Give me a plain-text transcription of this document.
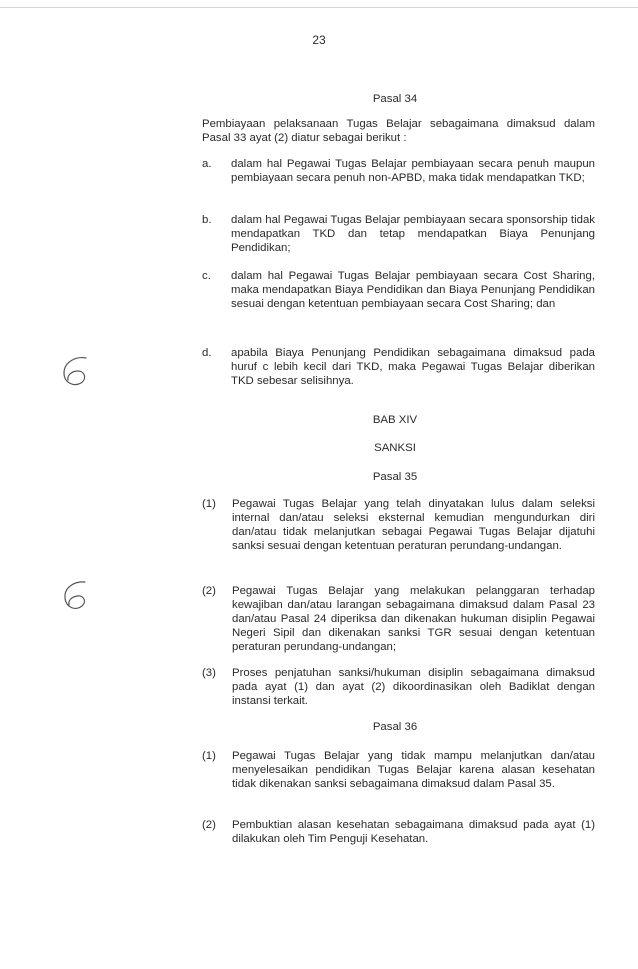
23
Pasal 34
Pembiayaan pelaksanaan Tugas Belajar sebagaimana dimaksud dalam Pasal 33 ayat (2) diatur sebagai berikut :
a. dalam hal Pegawai Tugas Belajar pembiayaan secara penuh maupun pembiayaan secara penuh non-APBD, maka tidak mendapatkan TKD;
b. dalam hal Pegawai Tugas Belajar pembiayaan secara sponsorship tidak mendapatkan TKD dan tetap mendapatkan Biaya Penunjang Pendidikan;
c. dalam hal Pegawai Tugas Belajar pembiayaan secara Cost Sharing, maka mendapatkan Biaya Pendidikan dan Biaya Penunjang Pendidikan sesuai dengan ketentuan pembiayaan secara Cost Sharing; dan
d. apabila Biaya Penunjang Pendidikan sebagaimana dimaksud pada huruf c lebih kecil dari TKD, maka Pegawai Tugas Belajar diberikan TKD sebesar selisihnya.
BAB XIV
SANKSI
Pasal 35
(1) Pegawai Tugas Belajar yang telah dinyatakan lulus dalam seleksi internal dan/atau seleksi eksternal kemudian mengundurkan diri dan/atau tidak melanjutkan sebagai Pegawai Tugas Belajar dijatuhi sanksi sesuai dengan ketentuan peraturan perundang-undangan.
(2) Pegawai Tugas Belajar yang melakukan pelanggaran terhadap kewajiban dan/atau larangan sebagaimana dimaksud dalam Pasal 23 dan/atau Pasal 24 diperiksa dan dikenakan hukuman disiplin Pegawai Negeri Sipil dan dikenakan sanksi TGR sesuai dengan ketentuan peraturan perundang-undangan;
(3) Proses penjatuhan sanksi/hukuman disiplin sebagaimana dimaksud pada ayat (1) dan ayat (2) dikoordinasikan oleh Badiklat dengan instansi terkait.
Pasal 36
(1) Pegawai Tugas Belajar yang tidak mampu melanjutkan dan/atau menyelesaikan pendidikan Tugas Belajar karena alasan kesehatan tidak dikenakan sanksi sebagaimana dimaksud dalam Pasal 35.
(2) Pembuktian alasan kesehatan sebagaimana dimaksud pada ayat (1) dilakukan oleh Tim Penguji Kesehatan.
